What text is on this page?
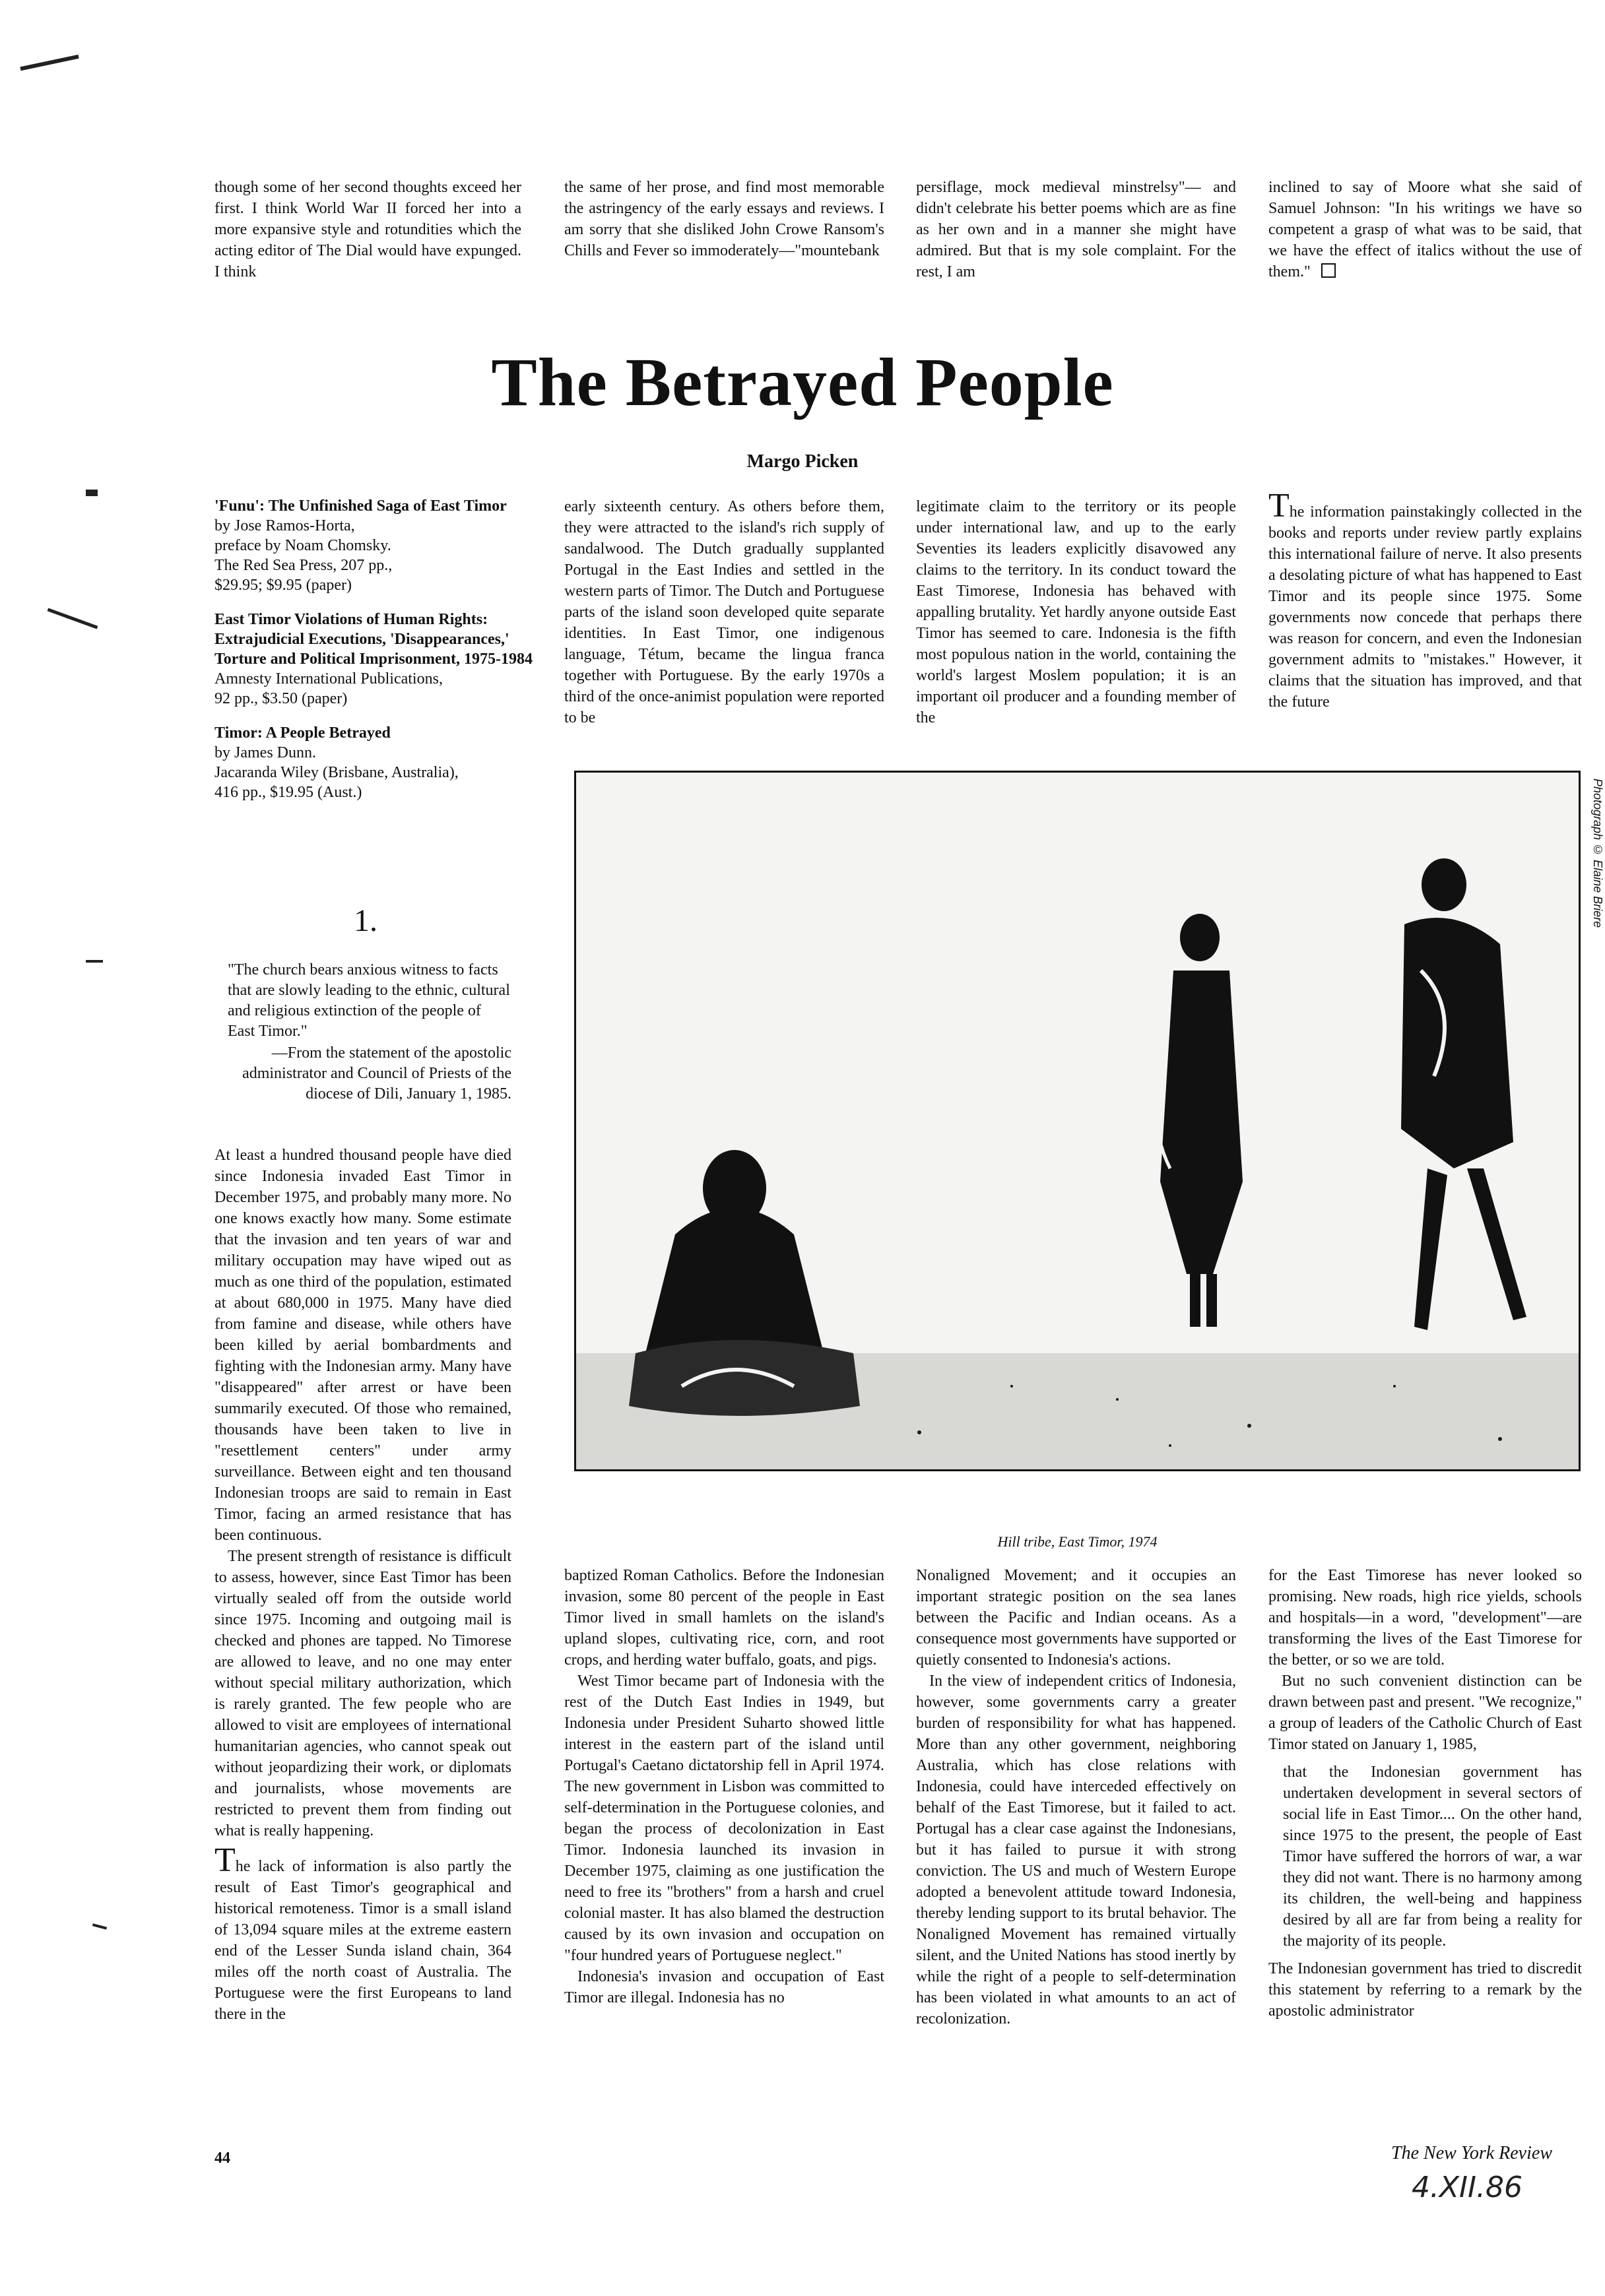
though some of her second thoughts exceed her first. I think World War II forced her into a more expansive style and rotundities which the acting editor of The Dial would have expunged. I think
the same of her prose, and find most memorable the astringency of the early essays and reviews. I am sorry that she disliked John Crowe Ransom's Chills and Fever so immoderately—"mountebank
persiflage, mock medieval minstrelsy"— and didn't celebrate his better poems which are as fine as her own and in a manner she might have admired. But that is my sole complaint. For the rest, I am
inclined to say of Moore what she said of Samuel Johnson: "In his writings we have so competent a grasp of what was to be said, that we have the effect of italics without the use of them."
The Betrayed People
Margo Picken
'Funu': The Unfinished Saga of East Timor
by Jose Ramos-Horta,
preface by Noam Chomsky.
The Red Sea Press, 207 pp.,
$29.95; $9.95 (paper)
East Timor Violations of Human Rights: Extrajudicial Executions, 'Disappearances,' Torture and Political Imprisonment, 1975-1984
Amnesty International Publications,
92 pp., $3.50 (paper)
Timor: A People Betrayed
by James Dunn.
Jacaranda Wiley (Brisbane, Australia),
416 pp., $19.95 (Aust.)
1.
"The church bears anxious witness to facts that are slowly leading to the ethnic, cultural and religious extinction of the people of East Timor."
—From the statement of the apostolic administrator and Council of Priests of the diocese of Dili, January 1, 1985.

At least a hundred thousand people have died since Indonesia invaded East Timor in December 1975, and probably many more. No one knows exactly how many. Some estimate that the invasion and ten years of war and military occupation may have wiped out as much as one third of the population, estimated at about 680,000 in 1975. Many have died from famine and disease, while others have been killed by aerial bombardments and fighting with the Indonesian army. Many have "disappeared" after arrest or have been summarily executed. Of those who remained, thousands have been taken to live in "resettlement centers" under army surveillance. Between eight and ten thousand Indonesian troops are said to remain in East Timor, facing an armed resistance that has been continuous.

The present strength of resistance is difficult to assess, however, since East Timor has been virtually sealed off from the outside world since 1975. Incoming and outgoing mail is checked and phones are tapped. No Timorese are allowed to leave, and no one may enter without special military authorization, which is rarely granted. The few people who are allowed to visit are employees of international humanitarian agencies, who cannot speak out without jeopardizing their work, or diplomats and journalists, whose movements are restricted to prevent them from finding out what is really happening.

The lack of information is also partly the result of East Timor's geographical and historical remoteness. Timor is a small island of 13,094 square miles at the extreme eastern end of the Lesser Sunda island chain, 364 miles off the north coast of Australia. The Portuguese were the first Europeans to land there in the

early sixteenth century. As others before them, they were attracted to the island's rich supply of sandalwood. The Dutch gradually supplanted Portugal in the East Indies and settled in the western parts of Timor. The Dutch and Portuguese parts of the island soon developed quite separate identities. In East Timor, one indigenous language, Tétum, became the lingua franca together with Portuguese. By the early 1970s a third of the once-animist population were reported to be

legitimate claim to the territory or its people under international law, and up to the early Seventies its leaders explicitly disavowed any claims to the territory. In its conduct toward the East Timorese, Indonesia has behaved with appalling brutality. Yet hardly anyone outside East Timor has seemed to care. Indonesia is the fifth most populous nation in the world, containing the world's largest Moslem population; it is an important oil producer and a founding member of the

The information painstakingly collected in the books and reports under review partly explains this international failure of nerve. It also presents a desolating picture of what has happened to East Timor and its people since 1975. Some governments now concede that perhaps there was reason for concern, and even the Indonesian government admits to "mistakes." However, it claims that the situation has improved, and that the future

Photograph © Elaine Briere
Hill tribe, East Timor, 1974

baptized Roman Catholics. Before the Indonesian invasion, some 80 percent of the people in East Timor lived in small hamlets on the island's upland slopes, cultivating rice, corn, and root crops, and herding water buffalo, goats, and pigs.

West Timor became part of Indonesia with the rest of the Dutch East Indies in 1949, but Indonesia under President Suharto showed little interest in the eastern part of the island until Portugal's Caetano dictatorship fell in April 1974. The new government in Lisbon was committed to self-determination in the Portuguese colonies, and began the process of decolonization in East Timor. Indonesia launched its invasion in December 1975, claiming as one justification the need to free its "brothers" from a harsh and cruel colonial master. It has also blamed the destruction caused by its own invasion and occupation on "four hundred years of Portuguese neglect."

Indonesia's invasion and occupation of East Timor are illegal. Indonesia has no

Nonaligned Movement; and it occupies an important strategic position on the sea lanes between the Pacific and Indian oceans. As a consequence most governments have supported or quietly consented to Indonesia's actions.

In the view of independent critics of Indonesia, however, some governments carry a greater burden of responsibility for what has happened. More than any other government, neighboring Australia, which has close relations with Indonesia, could have interceded effectively on behalf of the East Timorese, but it failed to act. Portugal has a clear case against the Indonesians, but it has failed to pursue it with strong conviction. The US and much of Western Europe adopted a benevolent attitude toward Indonesia, thereby lending support to its brutal behavior. The Nonaligned Movement has remained virtually silent, and the United Nations has stood inertly by while the right of a people to self-determination has been violated in what amounts to an act of recolonization.

for the East Timorese has never looked so promising. New roads, high rice yields, schools and hospitals—in a word, "development"—are transforming the lives of the East Timorese for the better, or so we are told.

But no such convenient distinction can be drawn between past and present. "We recognize," a group of leaders of the Catholic Church of East Timor stated on January 1, 1985,

that the Indonesian government has undertaken development in several sectors of social life in East Timor.... On the other hand, since 1975 to the present, the people of East Timor have suffered the horrors of war, a war they did not want. There is no harmony among its children, the well-being and happiness desired by all are far from being a reality for the majority of its people.

The Indonesian government has tried to discredit this statement by referring to a remark by the apostolic administrator

44	The New York Review
4.XII.86
